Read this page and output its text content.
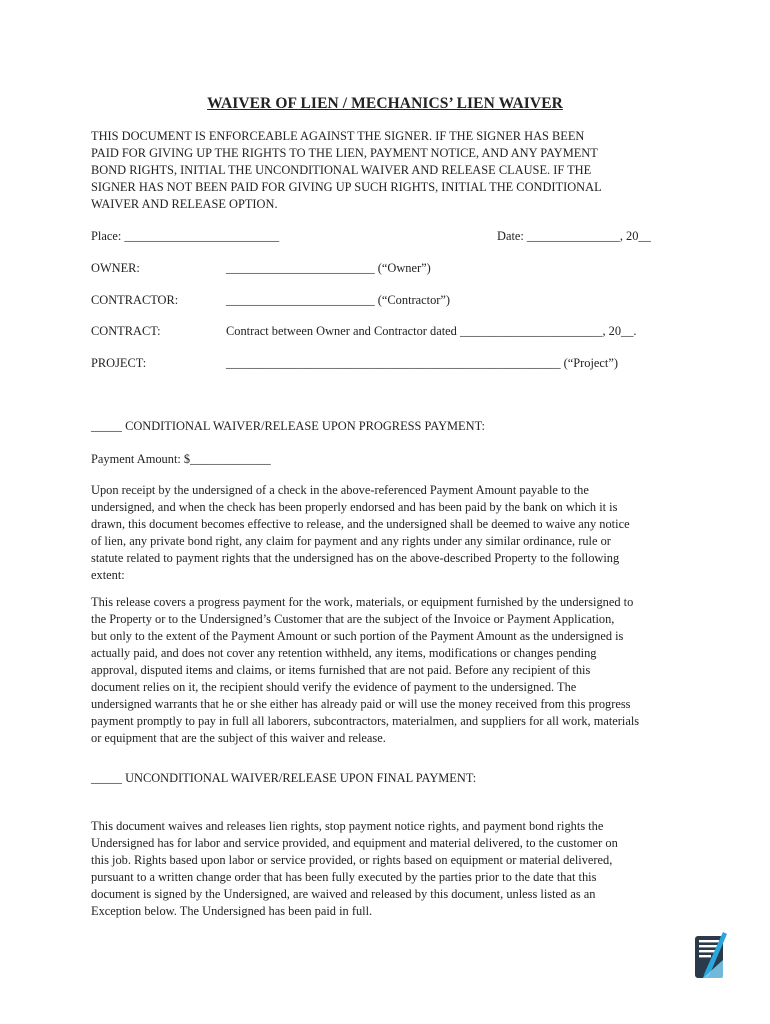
WAIVER OF LIEN / MECHANICS’ LIEN WAIVER
THIS DOCUMENT IS ENFORCEABLE AGAINST THE SIGNER. IF THE SIGNER HAS BEEN
PAID FOR GIVING UP THE RIGHTS TO THE LIEN, PAYMENT NOTICE, AND ANY PAYMENT
BOND RIGHTS, INITIAL THE UNCONDITIONAL WAIVER AND RELEASE CLAUSE. IF THE
SIGNER HAS NOT BEEN PAID FOR GIVING UP SUCH RIGHTS, INITIAL THE CONDITIONAL
WAIVER AND RELEASE OPTION.
Place: _________________________	Date: _______________, 20__
OWNER:	________________________ (“Owner”)
CONTRACTOR:	________________________ (“Contractor”)
CONTRACT:	Contract between Owner and Contractor dated _______________________, 20__.
PROJECT:	______________________________________________________ (“Project”)
_____ CONDITIONAL WAIVER/RELEASE UPON PROGRESS PAYMENT:
Payment Amount: $_____________
Upon receipt by the undersigned of a check in the above-referenced Payment Amount payable to the
undersigned, and when the check has been properly endorsed and has been paid by the bank on which it is
drawn, this document becomes effective to release, and the undersigned shall be deemed to waive any notice
of lien, any private bond right, any claim for payment and any rights under any similar ordinance, rule or
statute related to payment rights that the undersigned has on the above-described Property to the following
extent:
This release covers a progress payment for the work, materials, or equipment furnished by the undersigned to
the Property or to the Undersigned’s Customer that are the subject of the Invoice or Payment Application,
but only to the extent of the Payment Amount or such portion of the Payment Amount as the undersigned is
actually paid, and does not cover any retention withheld, any items, modifications or changes pending
approval, disputed items and claims, or items furnished that are not paid. Before any recipient of this
document relies on it, the recipient should verify the evidence of payment to the undersigned. The
undersigned warrants that he or she either has already paid or will use the money received from this progress
payment promptly to pay in full all laborers, subcontractors, materialmen, and suppliers for all work, materials
or equipment that are the subject of this waiver and release.
_____ UNCONDITIONAL WAIVER/RELEASE UPON FINAL PAYMENT:
This document waives and releases lien rights, stop payment notice rights, and payment bond rights the
Undersigned has for labor and service provided, and equipment and material delivered, to the customer on
this job. Rights based upon labor or service provided, or rights based on equipment or material delivered,
pursuant to a written change order that has been fully executed by the parties prior to the date that this
document is signed by the Undersigned, are waived and released by this document, unless listed as an
Exception below. The Undersigned has been paid in full.
